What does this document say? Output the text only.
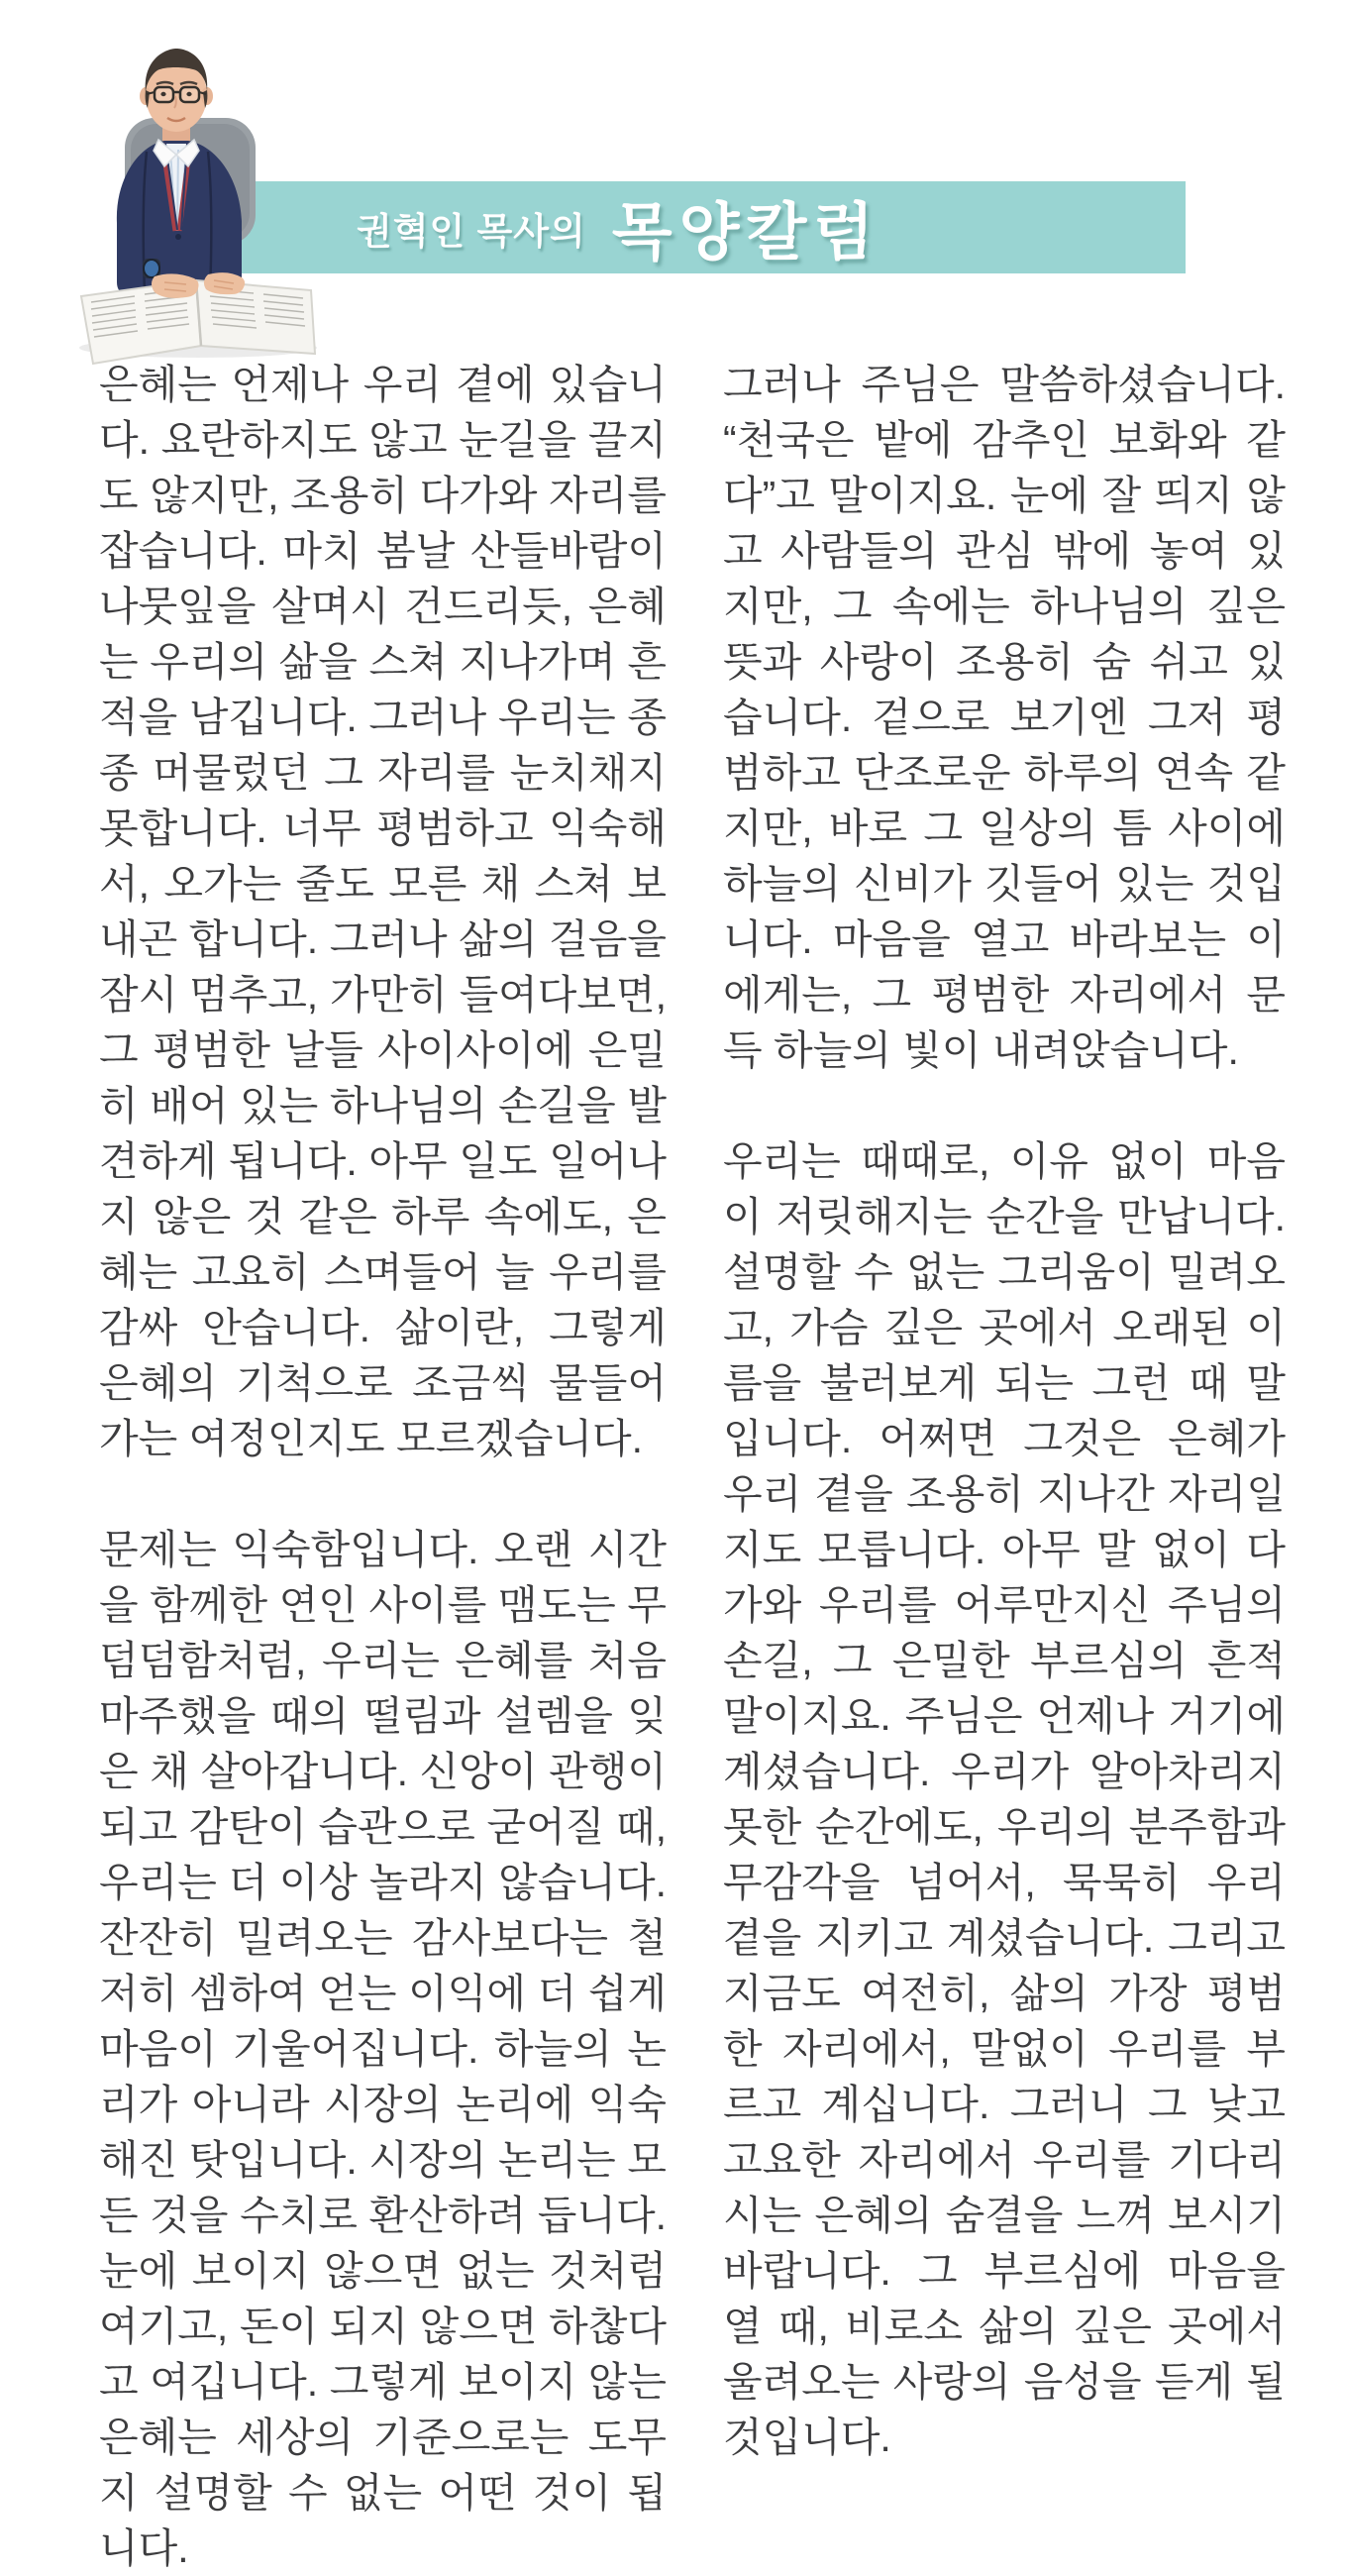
권혁인 목사의 목양칼럼

은혜는 언제나 우리 곁에 있습니다. 요란하지도 않고 눈길을 끌지도 않지만, 조용히 다가와 자리를 잡습니다. 마치 봄날 산들바람이 나뭇잎을 살며시 건드리듯, 은혜는 우리의 삶을 스쳐 지나가며 흔적을 남깁니다. 그러나 우리는 종종 머물렀던 그 자리를 눈치채지 못합니다. 너무 평범하고 익숙해서, 오가는 줄도 모른 채 스쳐 보내곤 합니다. 그러나 삶의 걸음을 잠시 멈추고, 가만히 들여다보면, 그 평범한 날들 사이사이에 은밀히 배어 있는 하나님의 손길을 발견하게 됩니다. 아무 일도 일어나지 않은 것 같은 하루 속에도, 은혜는 고요히 스며들어 늘 우리를 감싸 안습니다. 삶이란, 그렇게 은혜의 기척으로 조금씩 물들어 가는 여정인지도 모르겠습니다.

문제는 익숙함입니다. 오랜 시간을 함께한 연인 사이를 맴도는 무덤덤함처럼, 우리는 은혜를 처음 마주했을 때의 떨림과 설렘을 잊은 채 살아갑니다. 신앙이 관행이 되고 감탄이 습관으로 굳어질 때, 우리는 더 이상 놀라지 않습니다. 잔잔히 밀려오는 감사보다는 철저히 셈하여 얻는 이익에 더 쉽게 마음이 기울어집니다. 하늘의 논리가 아니라 시장의 논리에 익숙해진 탓입니다. 시장의 논리는 모든 것을 수치로 환산하려 듭니다. 눈에 보이지 않으면 없는 것처럼 여기고, 돈이 되지 않으면 하찮다고 여깁니다. 그렇게 보이지 않는 은혜는 세상의 기준으로는 도무지 설명할 수 없는 어떤 것이 됩니다.

그러나 주님은 말씀하셨습니다. “천국은 밭에 감추인 보화와 같다”고 말이지요. 눈에 잘 띄지 않고 사람들의 관심 밖에 놓여 있지만, 그 속에는 하나님의 깊은 뜻과 사랑이 조용히 숨 쉬고 있습니다. 겉으로 보기엔 그저 평범하고 단조로운 하루의 연속 같지만, 바로 그 일상의 틈 사이에 하늘의 신비가 깃들어 있는 것입니다. 마음을 열고 바라보는 이에게는, 그 평범한 자리에서 문득 하늘의 빛이 내려앉습니다.

우리는 때때로, 이유 없이 마음이 저릿해지는 순간을 만납니다. 설명할 수 없는 그리움이 밀려오고, 가슴 깊은 곳에서 오래된 이름을 불러보게 되는 그런 때 말입니다. 어쩌면 그것은 은혜가 우리 곁을 조용히 지나간 자리일지도 모릅니다. 아무 말 없이 다가와 우리를 어루만지신 주님의 손길, 그 은밀한 부르심의 흔적 말이지요. 주님은 언제나 거기에 계셨습니다. 우리가 알아차리지 못한 순간에도, 우리의 분주함과 무감각을 넘어서, 묵묵히 우리 곁을 지키고 계셨습니다. 그리고 지금도 여전히, 삶의 가장 평범한 자리에서, 말없이 우리를 부르고 계십니다. 그러니 그 낮고 고요한 자리에서 우리를 기다리시는 은혜의 숨결을 느껴 보시기 바랍니다. 그 부르심에 마음을 열 때, 비로소 삶의 깊은 곳에서 울려오는 사랑의 음성을 듣게 될 것입니다.
